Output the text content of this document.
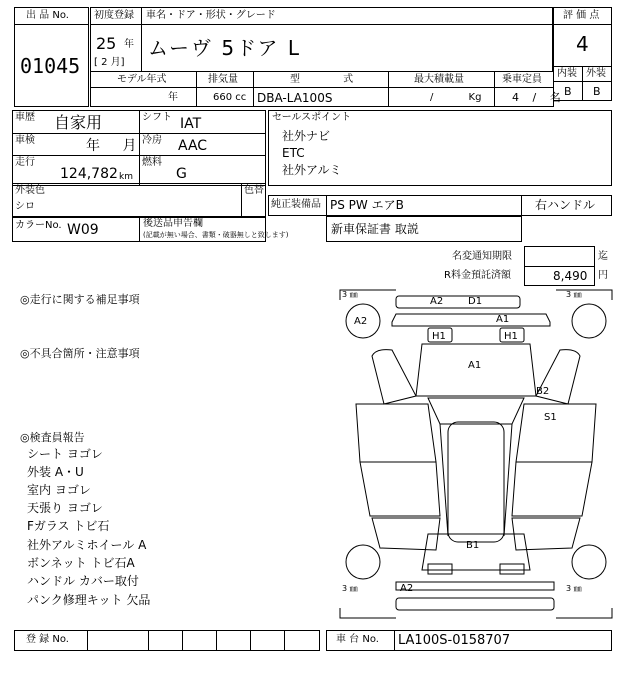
出 品 No.
01045
初度登録 車名・ドア・形状・グレード
25 年
[ 2 月]
ムーヴ 5ドア L
評 価 点
4
内装 外装
B B
モデル年式	排気量	型 式	最大積載量	乗車定員
年	660 cc DBA-LA100S	/ Kg	4 / 名
車歴 自家用	シフト IAT
車検	年 月 冷房 AAC
走行
124,782 km
燃料
G
セールスポイント
社外ナビ
ETC
社外アルミ
外装色
シロ
色替
純正装備品 PS PW エアB	右ハンドル
カラーNo. W09	後送品申告欄
(記載が無い場合、書類・破器無しと致します)	新車保証書 取説
名変通知期限	迄
R料金預託済額	8,490 円
◎走行に関する補足事項
◎不具合箇所・注意事項
◎検査員報告
シート ヨゴレ
外装 A・U
室内 ヨゴレ
天張り ヨゴレ
Fガラス トビ石
社外アルミホイール A
ボンネット トビ石A
ハンドル カバー取付
パンク修理キット 欠品
3 ㎜	3 ㎜
3 ㎜	3 ㎜
A2 D1
A1
H1	H1
A1
B2
S1
B1
A2
A2
登 録 No.	車 台 No. LA100S-0158707
